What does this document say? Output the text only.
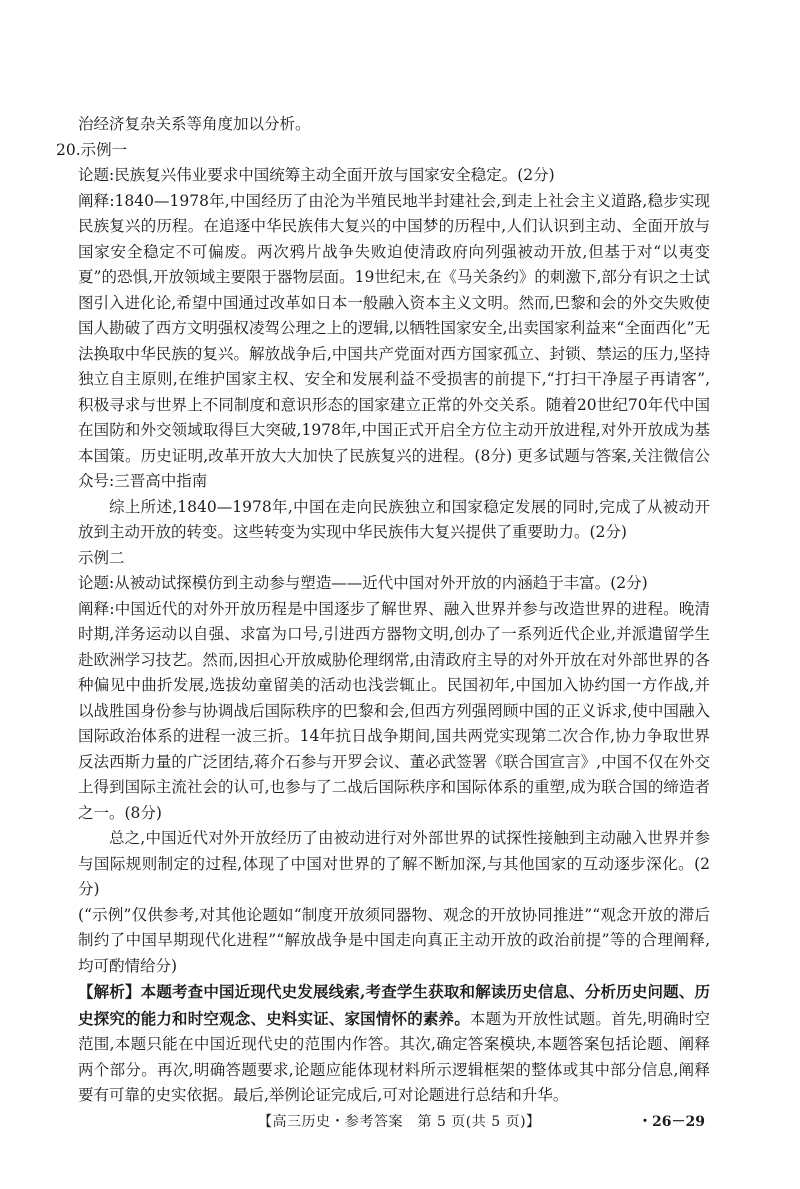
治经济复杂关系等角度加以分析。

20.示例一

论题:民族复兴伟业要求中国统筹主动全面开放与国家安全稳定。(2分)

阐释:1840—1978年,中国经历了由沦为半殖民地半封建社会,到走上社会主义道路,稳步实现民族复兴的历程。在追逐中华民族伟大复兴的中国梦的历程中,人们认识到主动、全面开放与国家安全稳定不可偏废。两次鸦片战争失败迫使清政府向列强被动开放,但基于对“以夷变夏”的恐惧,开放领域主要限于器物层面。19世纪末,在《马关条约》的刺激下,部分有识之士试图引入进化论,希望中国通过改革如日本一般融入资本主义文明。然而,巴黎和会的外交失败使国人勘破了西方文明强权凌驾公理之上的逻辑,以牺牲国家安全,出卖国家利益来“全面西化”无法换取中华民族的复兴。解放战争后,中国共产党面对西方国家孤立、封锁、禁运的压力,坚持独立自主原则,在维护国家主权、安全和发展利益不受损害的前提下,“打扫干净屋子再请客”,积极寻求与世界上不同制度和意识形态的国家建立正常的外交关系。随着20世纪70年代中国在国防和外交领域取得巨大突破,1978年,中国正式开启全方位主动开放进程,对外开放成为基本国策。历史证明,改革开放大大加快了民族复兴的进程。(8分) 更多试题与答案,关注微信公众号:三晋高中指南

综上所述,1840—1978年,中国在走向民族独立和国家稳定发展的同时,完成了从被动开放到主动开放的转变。这些转变为实现中华民族伟大复兴提供了重要助力。(2分)

示例二

论题:从被动试探模仿到主动参与塑造——近代中国对外开放的内涵趋于丰富。(2分)

阐释:中国近代的对外开放历程是中国逐步了解世界、融入世界并参与改造世界的进程。晚清时期,洋务运动以自强、求富为口号,引进西方器物文明,创办了一系列近代企业,并派遣留学生赴欧洲学习技艺。然而,因担心开放威胁伦理纲常,由清政府主导的对外开放在对外部世界的各种偏见中曲折发展,选拔幼童留美的活动也浅尝辄止。民国初年,中国加入协约国一方作战,并以战胜国身份参与协调战后国际秩序的巴黎和会,但西方列强罔顾中国的正义诉求,使中国融入国际政治体系的进程一波三折。14年抗日战争期间,国共两党实现第二次合作,协力争取世界反法西斯力量的广泛团结,蒋介石参与开罗会议、董必武签署《联合国宣言》,中国不仅在外交上得到国际主流社会的认可,也参与了二战后国际秩序和国际体系的重塑,成为联合国的缔造者之一。(8分)

总之,中国近代对外开放经历了由被动进行对外部世界的试探性接触到主动融入世界并参与国际规则制定的过程,体现了中国对世界的了解不断加深,与其他国家的互动逐步深化。(2分)

(“示例”仅供参考,对其他论题如“制度开放须同器物、观念的开放协同推进”“观念开放的滞后制约了中国早期现代化进程”“解放战争是中国走向真正主动开放的政治前提”等的合理阐释,均可酌情给分)

【解析】本题考查中国近现代史发展线索,考查学生获取和解读历史信息、分析历史问题、历史探究的能力和时空观念、史料实证、家国情怀的素养。本题为开放性试题。首先,明确时空范围,本题只能在中国近现代史的范围内作答。其次,确定答案模块,本题答案包括论题、阐释两个部分。再次,明确答题要求,论题应能体现材料所示逻辑框架的整体或其中部分信息,阐释要有可靠的史实依据。最后,举例论证完成后,可对论题进行总结和升华。

【高三历史・参考答案　第 5 页(共 5 页)】	・26－29
